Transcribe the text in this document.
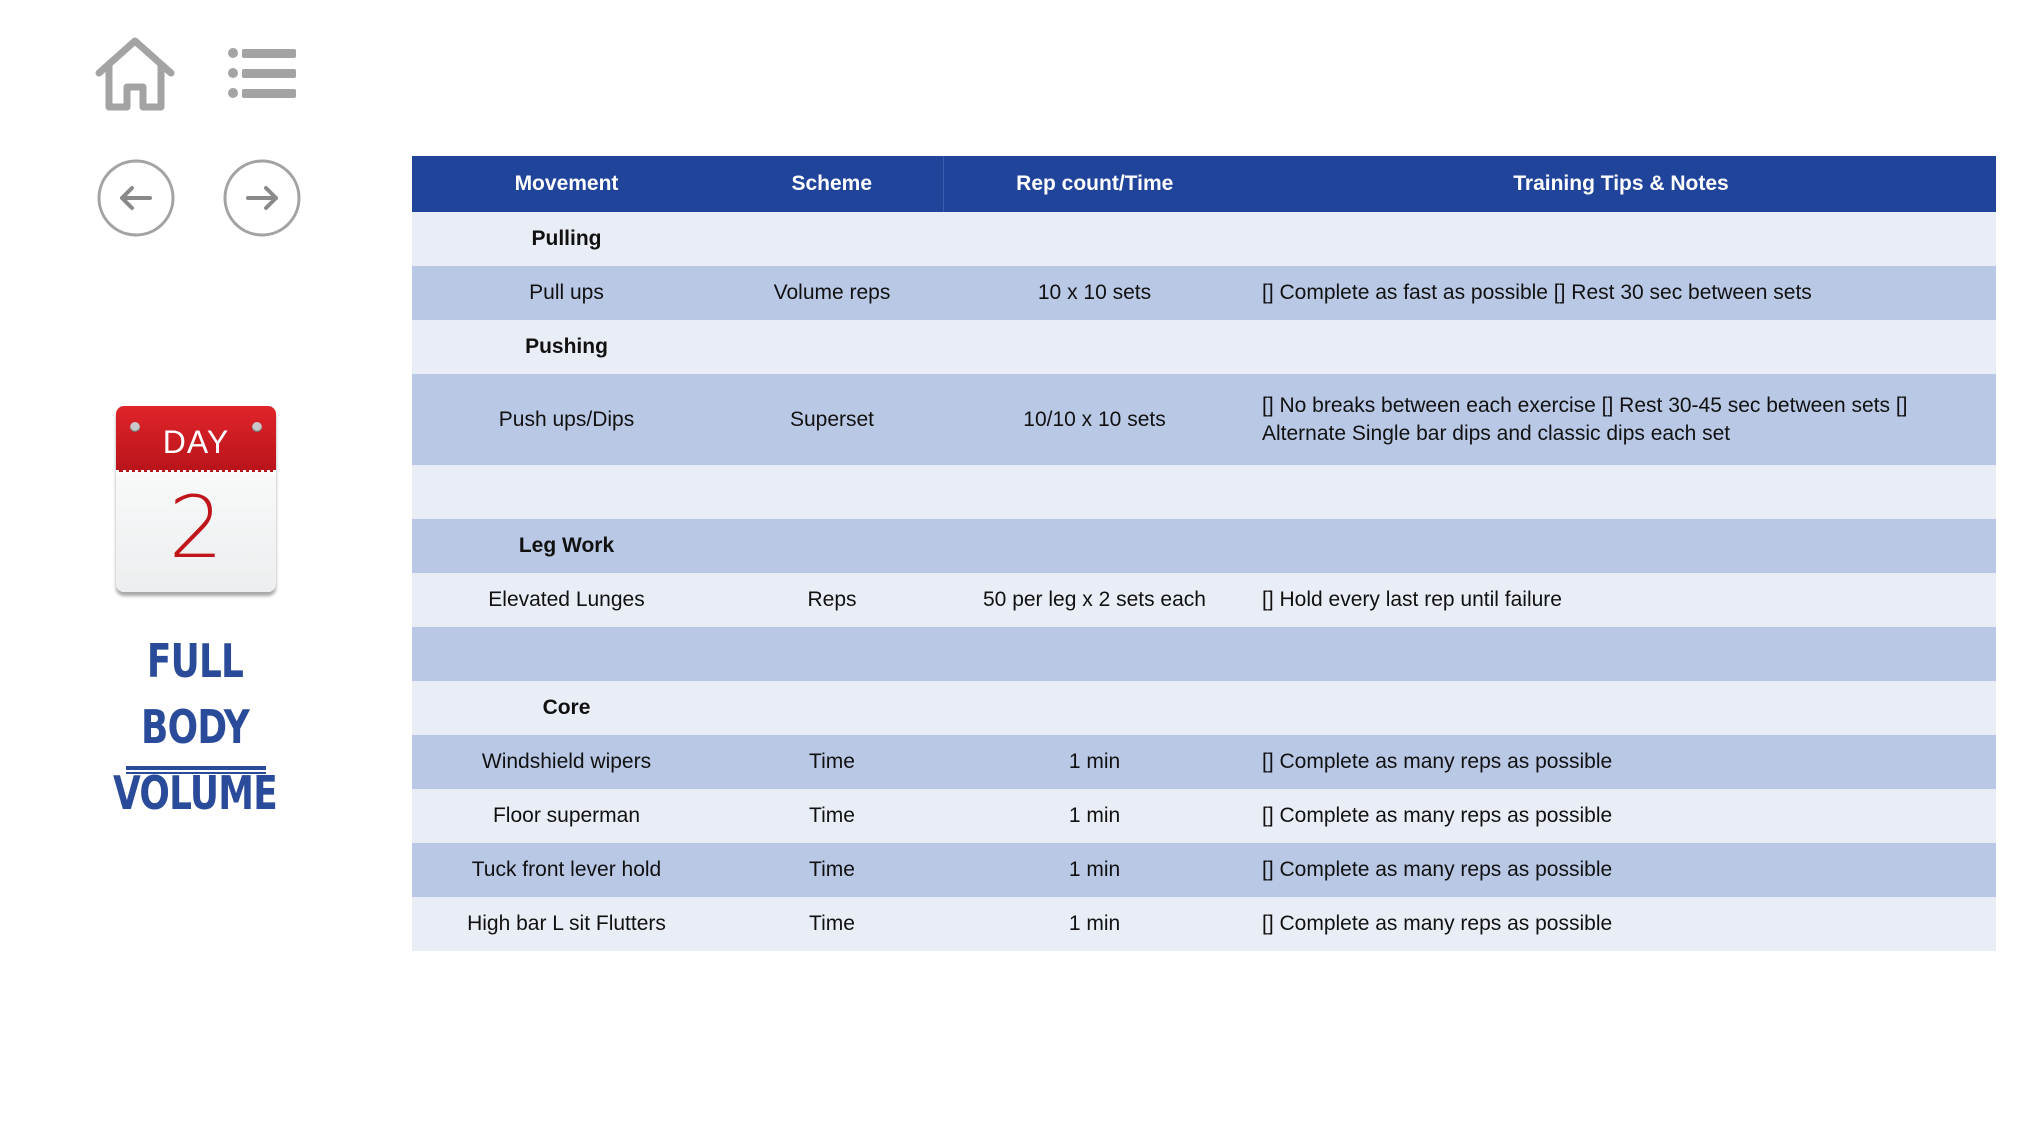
DAY
2
FULL BODY
VOLUME
Movement	Scheme	Rep count/Time	Training Tips & Notes
Pulling			
Pull ups	Volume reps	10 x 10 sets	[] Complete as fast as possible [] Rest 30 sec between sets
Pushing			
Push ups/Dips	Superset	10/10 x 10 sets	[] No breaks between each exercise [] Rest 30-45 sec between sets [] Alternate Single bar dips and classic dips each set

Leg Work			
Elevated Lunges	Reps	50 per leg x 2 sets each	[] Hold every last rep until failure

Core			
Windshield wipers	Time	1 min	[] Complete as many reps as possible
Floor superman	Time	1 min	[] Complete as many reps as possible
Tuck front lever hold	Time	1 min	[] Complete as many reps as possible
High bar L sit Flutters	Time	1 min	[] Complete as many reps as possible
